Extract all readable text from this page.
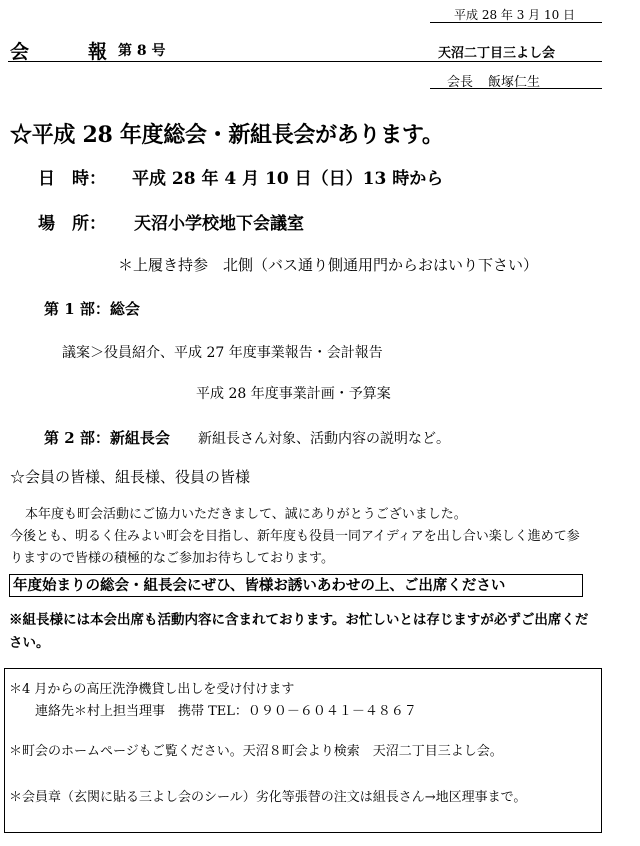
平成 28 年 3 月 10 日
会	報 第 8 号	天沼二丁目三よし会
会長 飯塚仁生
☆平成 28 年度総会・新組長会があります。
日　時： 平成 28 年 4 月 10 日（日）13 時から
場　所： 天沼小学校地下会議室
＊上履き持参　北側（バス通り側通用門からおはいり下さい）
第 1 部：総会
議案＞役員紹介、平成 27 年度事業報告・会計報告
平成 28 年度事業計画・予算案
第 2 部：新組長会 新組長さん対象、活動内容の説明など。
☆会員の皆様、組長様、役員の皆様
本年度も町会活動にご協力いただきまして、誠にありがとうございました。
今後とも、明るく住みよい町会を目指し、新年度も役員一同アイディアを出し合い楽しく進めて参
りますので皆様の積極的なご参加お待ちしております。
年度始まりの総会・組長会にぜひ、皆様お誘いあわせの上、ご出席ください
※組長様には本会出席も活動内容に含まれております。お忙しいとは存じますが必ずご出席くだ
さい。
＊4 月からの高圧洗浄機貸し出しを受け付けます
連絡先＊村上担当理事　携帯 TEL：０９０－６０４１－４８６７
＊町会のホームページもご覧ください。天沼８町会より検索　天沼二丁目三よし会。
＊会員章（玄関に貼る三よし会のシール）劣化等張替の注文は組長さん→地区理事まで。
